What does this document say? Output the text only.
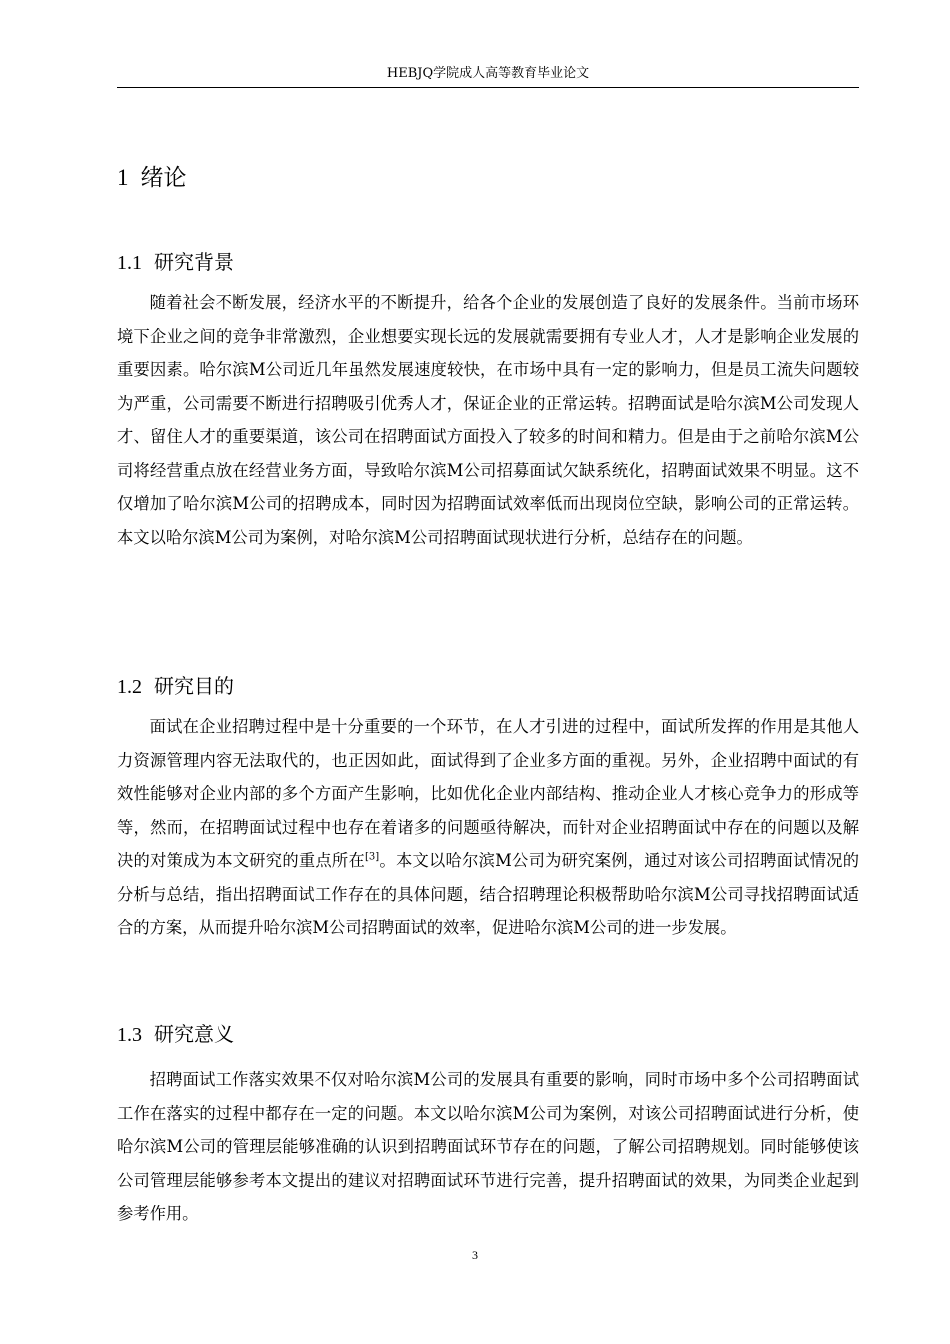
HEBJQ学院成人高等教育毕业论文
1 绪论
1.1 研究背景

随着社会不断发展，经济水平的不断提升，给各个企业的发展创造了良好的发展条件。当前市场环境下企业之间的竞争非常激烈，企业想要实现长远的发展就需要拥有专业人才，人才是影响企业发展的重要因素。哈尔滨M公司近几年虽然发展速度较快，在市场中具有一定的影响力，但是员工流失问题较为严重，公司需要不断进行招聘吸引优秀人才，保证企业的正常运转。招聘面试是哈尔滨M公司发现人才、留住人才的重要渠道，该公司在招聘面试方面投入了较多的时间和精力。但是由于之前哈尔滨M公司将经营重点放在经营业务方面，导致哈尔滨M公司招募面试欠缺系统化，招聘面试效果不明显。这不仅增加了哈尔滨M公司的招聘成本，同时因为招聘面试效率低而出现岗位空缺，影响公司的正常运转。本文以哈尔滨M公司为案例，对哈尔滨M公司招聘面试现状进行分析，总结存在的问题。

1.2 研究目的

面试在企业招聘过程中是十分重要的一个环节，在人才引进的过程中，面试所发挥的作用是其他人力资源管理内容无法取代的，也正因如此，面试得到了企业多方面的重视。另外，企业招聘中面试的有效性能够对企业内部的多个方面产生影响，比如优化企业内部结构、推动企业人才核心竞争力的形成等等，然而，在招聘面试过程中也存在着诸多的问题亟待解决，而针对企业招聘面试中存在的问题以及解决的对策成为本文研究的重点所在[3]。本文以哈尔滨M公司为研究案例，通过对该公司招聘面试情况的分析与总结，指出招聘面试工作存在的具体问题，结合招聘理论积极帮助哈尔滨M公司寻找招聘面试适合的方案，从而提升哈尔滨M公司招聘面试的效率，促进哈尔滨M公司的进一步发展。

1.3 研究意义

招聘面试工作落实效果不仅对哈尔滨M公司的发展具有重要的影响，同时市场中多个公司招聘面试工作在落实的过程中都存在一定的问题。本文以哈尔滨M公司为案例，对该公司招聘面试进行分析，使哈尔滨M公司的管理层能够准确的认识到招聘面试环节存在的问题，了解公司招聘规划。同时能够使该公司管理层能够参考本文提出的建议对招聘面试环节进行完善，提升招聘面试的效果，为同类企业起到参考作用。

3
